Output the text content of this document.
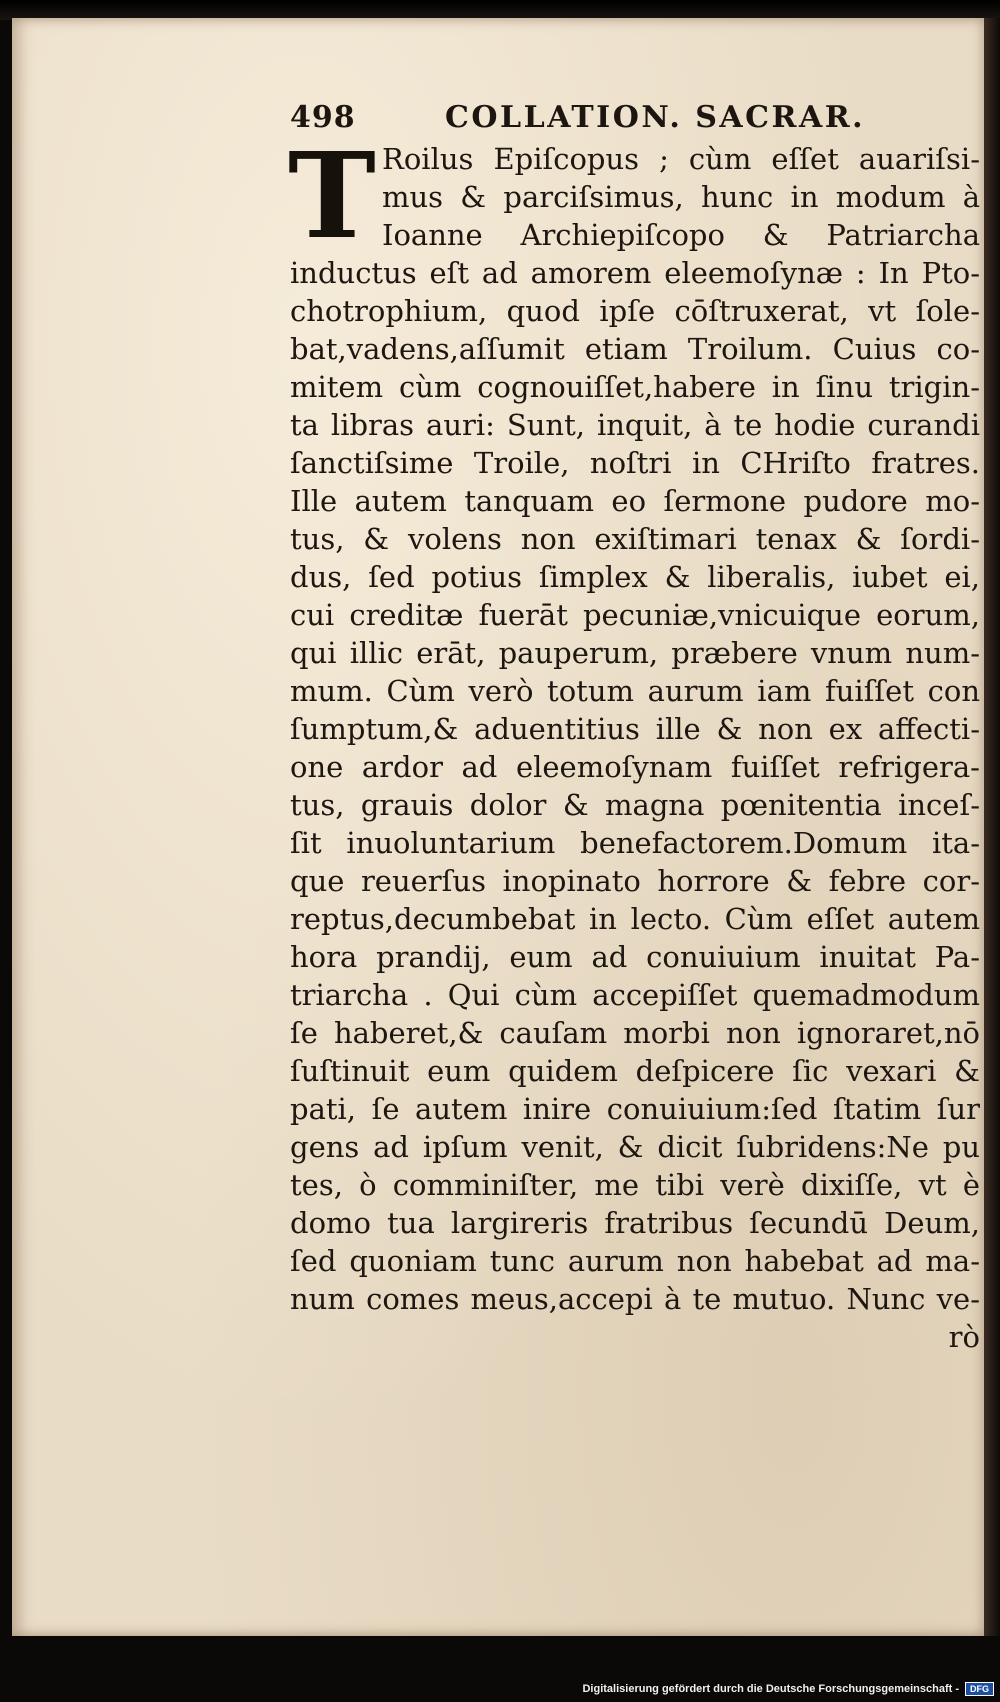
498	COLLATION. SACRAR.
T Roilus Epiſcopus ; cùm eſſet auariſsi-
mus & parciſsimus, hunc in modum à
Ioanne Archiepiſcopo & Patriarcha
inductus eſt ad amorem eleemoſynæ : In Pto-
chotrophium, quod ipſe cōſtruxerat, vt ſole-
bat,vadens,aſſumit etiam Troilum. Cuius co-
mitem cùm cognouiſſet,habere in ſinu trigin-
ta libras auri: Sunt, inquit, à te hodie curandi
ſanctiſsime Troile, noſtri in CHriſto fratres.
Ille autem tanquam eo ſermone pudore mo-
tus, & volens non exiſtimari tenax & ſordi-
dus, ſed potius ſimplex & liberalis, iubet ei,
cui creditæ fuerāt pecuniæ,vnicuique eorum,
qui illic erāt, pauperum, præbere vnum num-
mum. Cùm verò totum aurum iam fuiſſet con
ſumptum,& aduentitius ille & non ex affecti-
one ardor ad eleemoſynam fuiſſet refrigera-
tus, grauis dolor & magna pœnitentia inceſ-
ſit inuoluntarium benefactorem.Domum ita-
que reuerſus inopinato horrore & febre cor-
reptus,decumbebat in lecto. Cùm eſſet autem
hora prandij, eum ad conuiuium inuitat Pa-
triarcha . Qui cùm accepiſſet quemadmodum
ſe haberet,& cauſam morbi non ignoraret,nō
ſuſtinuit eum quidem deſpicere ſic vexari &
pati, ſe autem inire conuiuium:ſed ſtatim ſur
gens ad ipſum venit, & dicit ſubridens:Ne pu
tes, ò comminiſter, me tibi verè dixiſſe, vt è
domo tua largireris fratribus ſecundū Deum,
ſed quoniam tunc aurum non habebat ad ma-
num comes meus,accepi à te mutuo. Nunc ve-
rò
Digitalisierung gefördert durch die Deutsche Forschungsgemeinschaft -	DFG
